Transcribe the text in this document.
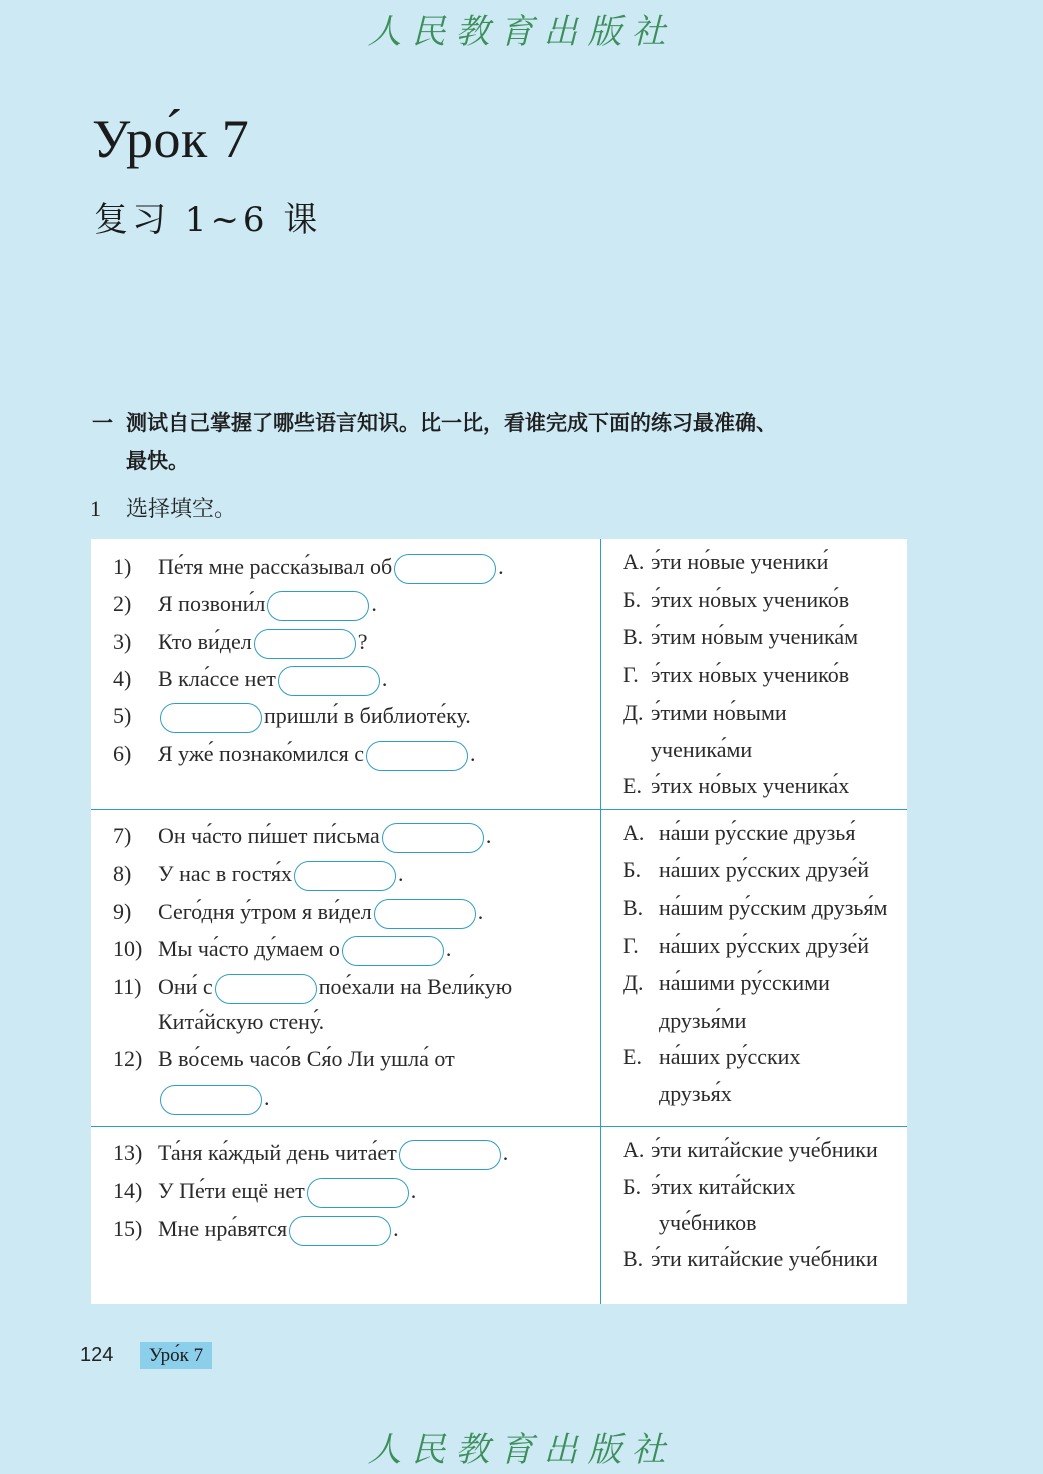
人民教育出版社
Уро́к 7
复习 1~6 课
一 测试自己掌握了哪些语言知识。比一比，看谁完成下面的练习最准确、
最快。
1 选择填空。
1) Пе́тя мне расска́зывал об	.
2) Я позвони́л	.
3) Кто ви́дел	?
4) В кла́ссе нет	.
5)	пришли́ в библиоте́ку.
6) Я уже́ познако́мился с	.
А. э́ти но́вые ученики́
Б. э́тих но́вых ученико́в
В. э́тим но́вым ученика́м
Г. э́тих но́вых ученико́в
Д. э́тими но́выми
ученика́ми
Е. э́тих но́вых ученика́х
7) Он ча́сто пи́шет пи́сьма	.
8) У нас в гостя́х	.
9) Сего́дня у́тром я ви́дел	.
10) Мы ча́сто ду́маем о	.
11) Они́ с	пое́хали на Вели́кую
Кита́йскую стену́.
12) В во́семь часо́в Ся́о Ли ушла́ от
.
А. на́ши ру́сские друзья́
Б. на́ших ру́сских друзе́й
В. на́шим ру́сским друзья́м
Г. на́ших ру́сских друзе́й
Д. на́шими ру́сскими
друзья́ми
Е. на́ших ру́сских
друзья́х
13) Та́ня ка́ждый день чита́ет	.
14) У Пе́ти ещё нет	.
15) Мне нра́вятся	.
А. э́ти кита́йские уче́бники
Б. э́тих кита́йских
уче́бников
В. э́ти кита́йские уче́бники
124	Уро́к 7
人民教育出版社
